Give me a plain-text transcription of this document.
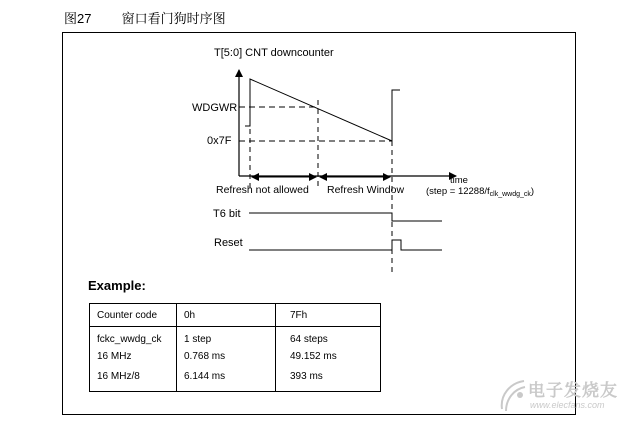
图27 窗口看门狗时序图
T[5:0] CNT downcounter
WDGWR
0x7F
Refresh not allowed Refresh Window
time
(step = $12288/f_{clk\_wwdg\_ck}$)
T6 bit
Reset
Example:
Counter code	0h	7Fh
fckc_wwdg_ck	1 step	64 steps
16 MHz	0.768 ms	49.152 ms
16 MHz/8	6.144 ms	393 ms
电子发烧友
www.elecfans.com
